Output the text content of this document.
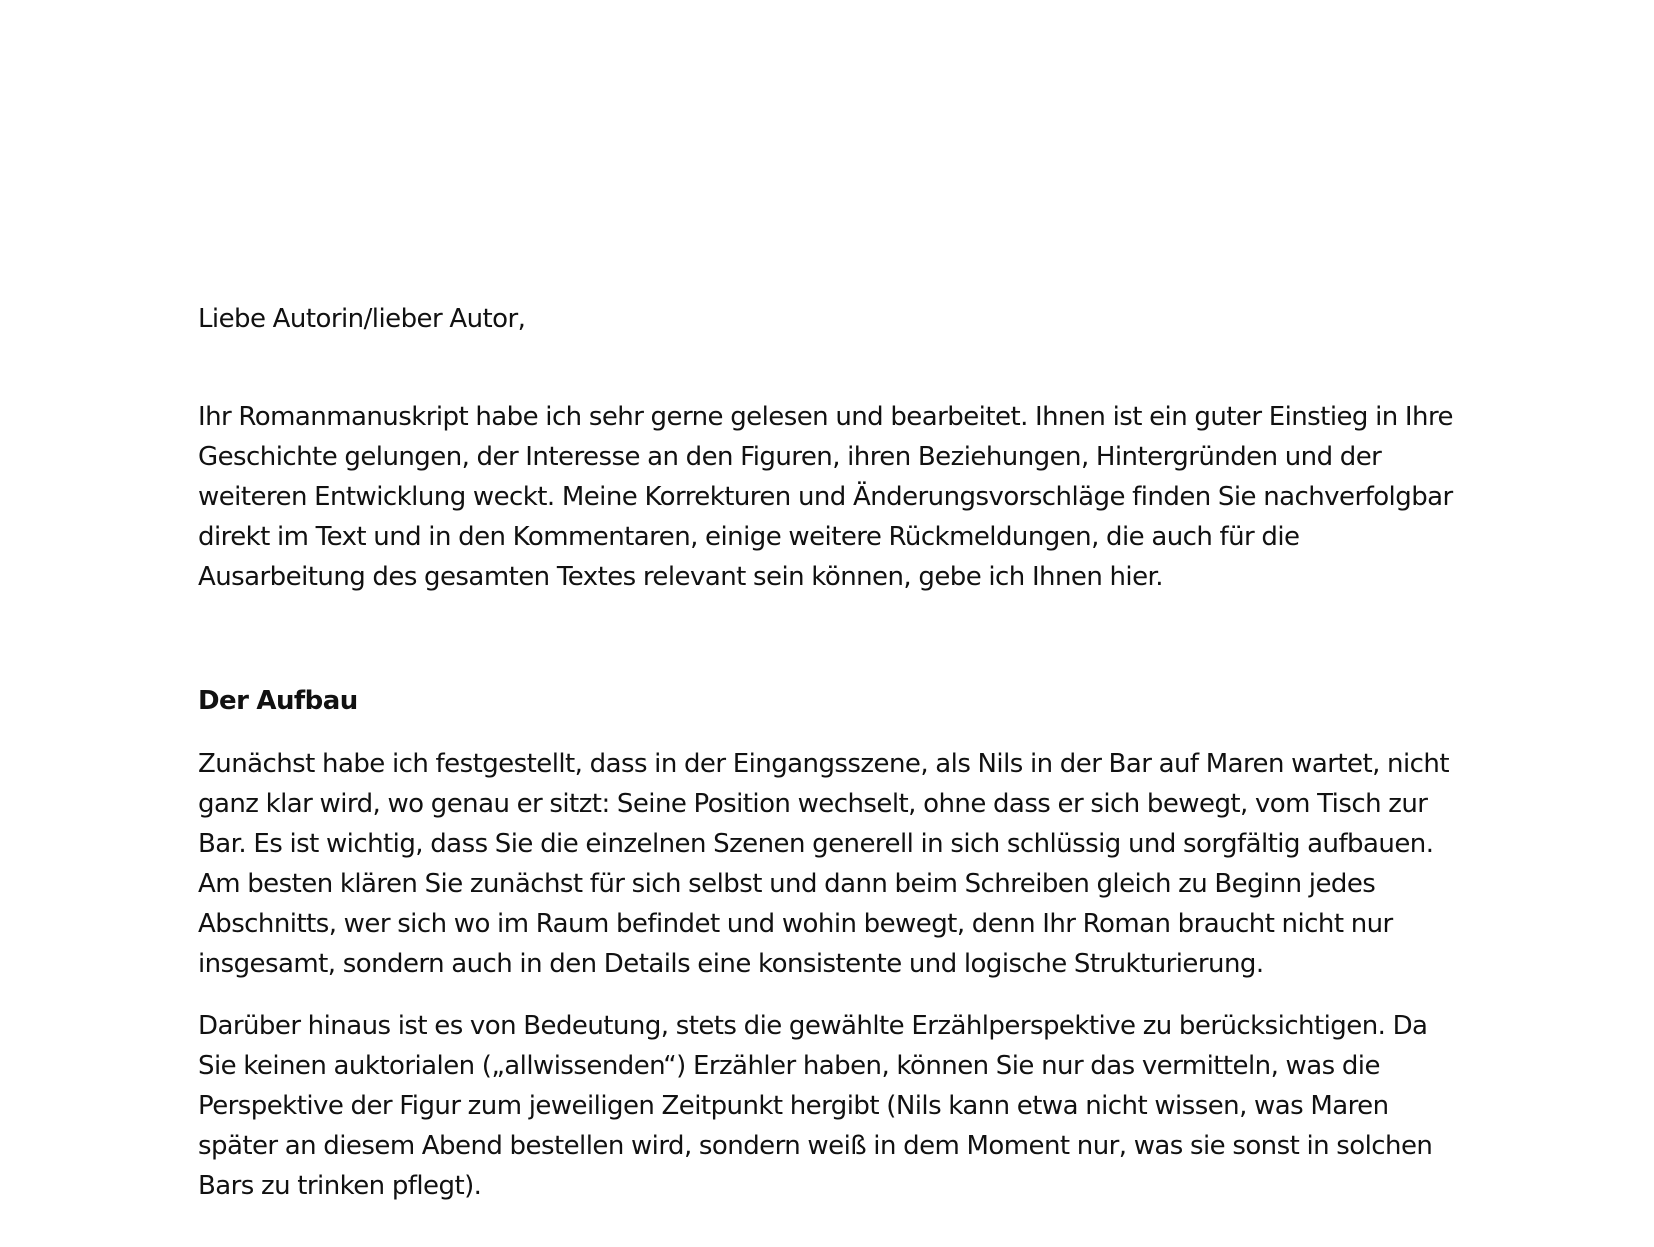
Liebe Autorin/lieber Autor,

Ihr Romanmanuskript habe ich sehr gerne gelesen und bearbeitet. Ihnen ist ein guter Einstieg in Ihre Geschichte gelungen, der Interesse an den Figuren, ihren Beziehungen, Hintergründen und der weiteren Entwicklung weckt. Meine Korrekturen und Änderungsvorschläge finden Sie nachverfolgbar direkt im Text und in den Kommentaren, einige weitere Rückmeldungen, die auch für die Ausarbeitung des gesamten Textes relevant sein können, gebe ich Ihnen hier.

Der Aufbau

Zunächst habe ich festgestellt, dass in der Eingangsszene, als Nils in der Bar auf Maren wartet, nicht ganz klar wird, wo genau er sitzt: Seine Position wechselt, ohne dass er sich bewegt, vom Tisch zur Bar. Es ist wichtig, dass Sie die einzelnen Szenen generell in sich schlüssig und sorgfältig aufbauen. Am besten klären Sie zunächst für sich selbst und dann beim Schreiben gleich zu Beginn jedes Abschnitts, wer sich wo im Raum befindet und wohin bewegt, denn Ihr Roman braucht nicht nur insgesamt, sondern auch in den Details eine konsistente und logische Strukturierung.

Darüber hinaus ist es von Bedeutung, stets die gewählte Erzählperspektive zu berücksichtigen. Da Sie keinen auktorialen („allwissenden“) Erzähler haben, können Sie nur das vermitteln, was die Perspektive der Figur zum jeweiligen Zeitpunkt hergibt (Nils kann etwa nicht wissen, was Maren später an diesem Abend bestellen wird, sondern weiß in dem Moment nur, was sie sonst in solchen Bars zu trinken pflegt).
